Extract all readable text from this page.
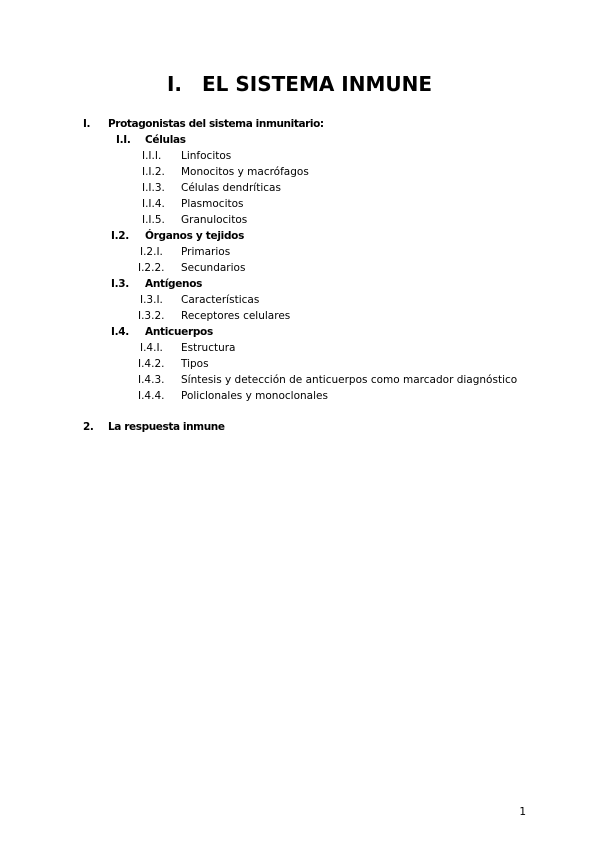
I. EL SISTEMA INMUNE
I. Protagonistas del sistema inmunitario:
I.I. Células
I.I.I. Linfocitos
I.I.2. Monocitos y macrófagos
I.I.3. Células dendríticas
I.I.4. Plasmocitos
I.I.5. Granulocitos
I.2. Órganos y tejidos
I.2.I. Primarios
I.2.2. Secundarios
I.3. Antígenos
I.3.I. Características
I.3.2. Receptores celulares
I.4. Anticuerpos
I.4.I. Estructura
I.4.2. Tipos
I.4.3. Síntesis y detección de anticuerpos como marcador diagnóstico
I.4.4. Policlonales y monoclonales
2. La respuesta inmune
1
